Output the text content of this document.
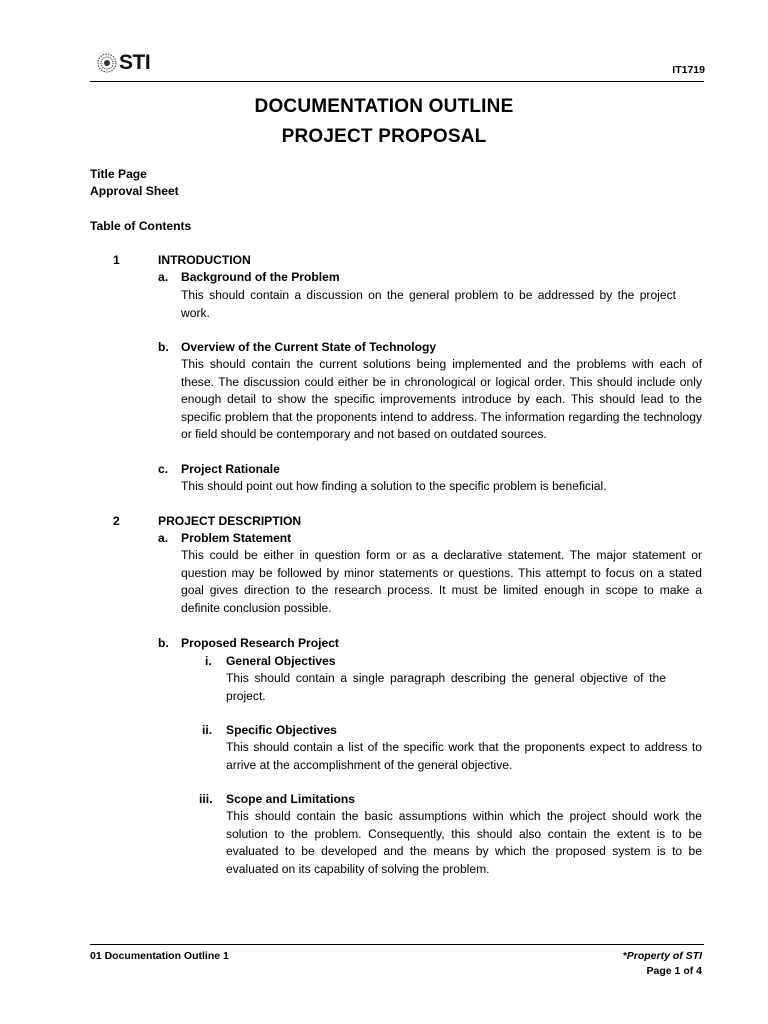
STI	IT1719
DOCUMENTATION OUTLINE
PROJECT PROPOSAL
Title Page
Approval Sheet
Table of Contents
1	INTRODUCTION
a. Background of the Problem
This should contain a discussion on the general problem to be addressed by the project work.
b. Overview of the Current State of Technology
This should contain the current solutions being implemented and the problems with each of these. The discussion could either be in chronological or logical order. This should include only enough detail to show the specific improvements introduce by each. This should lead to the specific problem that the proponents intend to address. The information regarding the technology or field should be contemporary and not based on outdated sources.
c. Project Rationale
This should point out how finding a solution to the specific problem is beneficial.
2	PROJECT DESCRIPTION
a. Problem Statement
This could be either in question form or as a declarative statement. The major statement or question may be followed by minor statements or questions. This attempt to focus on a stated goal gives direction to the research process. It must be limited enough in scope to make a definite conclusion possible.
b. Proposed Research Project
i. General Objectives
This should contain a single paragraph describing the general objective of the project.
ii. Specific Objectives
This should contain a list of the specific work that the proponents expect to address to arrive at the accomplishment of the general objective.
iii. Scope and Limitations
This should contain the basic assumptions within which the project should work the solution to the problem. Consequently, this should also contain the extent is to be evaluated to be developed and the means by which the proposed system is to be evaluated on its capability of solving the problem.
01 Documentation Outline 1	*Property of STI
Page 1 of 4
